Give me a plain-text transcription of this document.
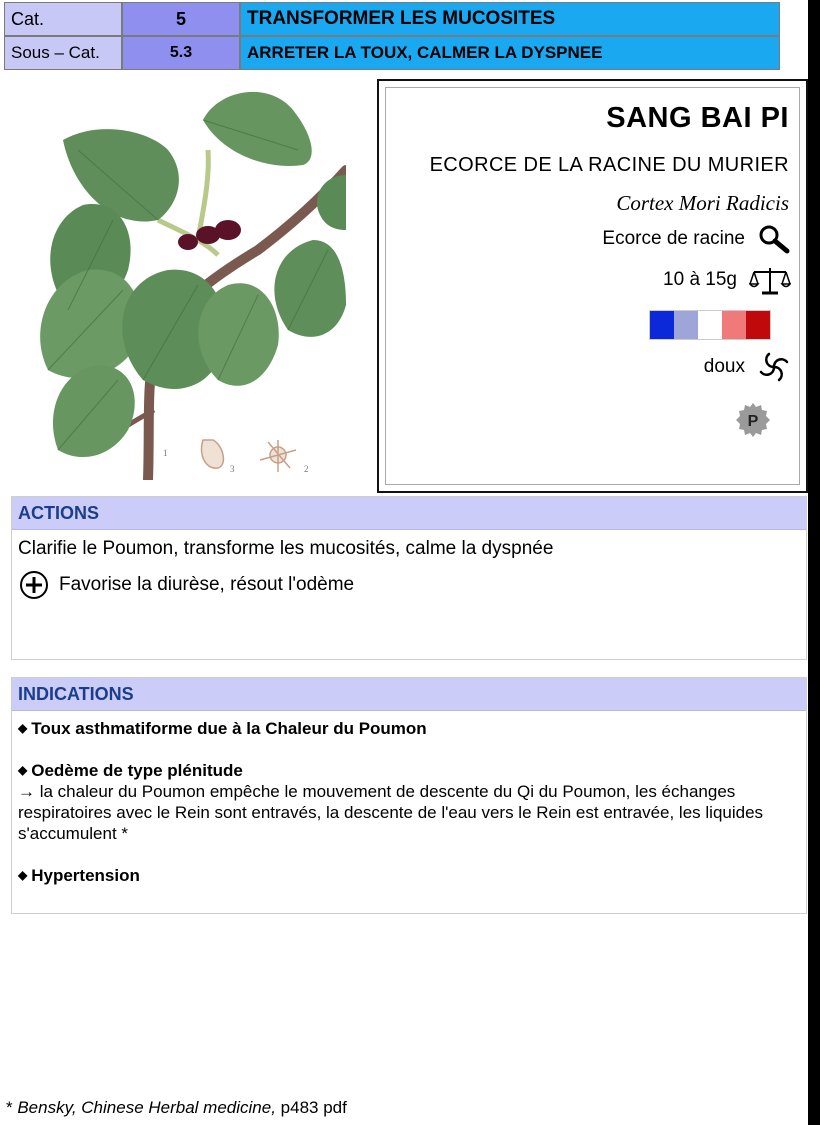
Cat.	5	TRANSFORMER LES MUCOSITES
Sous – Cat.	5.3	ARRETER LA TOUX, CALMER LA DYSPNEE
1
3	2
SANG BAI PI
ECORCE DE LA RACINE DU MURIER
Cortex Mori Radicis
Ecorce de racine
10 à 15g
doux
P
ACTIONS
Clarifie le Poumon, transforme les mucosités, calme la dyspnée
Favorise la diurèse, résout l'odème
INDICATIONS
◆ Toux asthmatiforme due à la Chaleur du Poumon
◆ Oedème de type plénitude
→ la chaleur du Poumon empêche le mouvement de descente du Qi du Poumon, les échanges respiratoires avec le Rein sont entravés, la descente de l'eau vers le Rein est entravée, les liquides s'accumulent *
◆ Hypertension
* Bensky, Chinese Herbal medicine, p483 pdf
